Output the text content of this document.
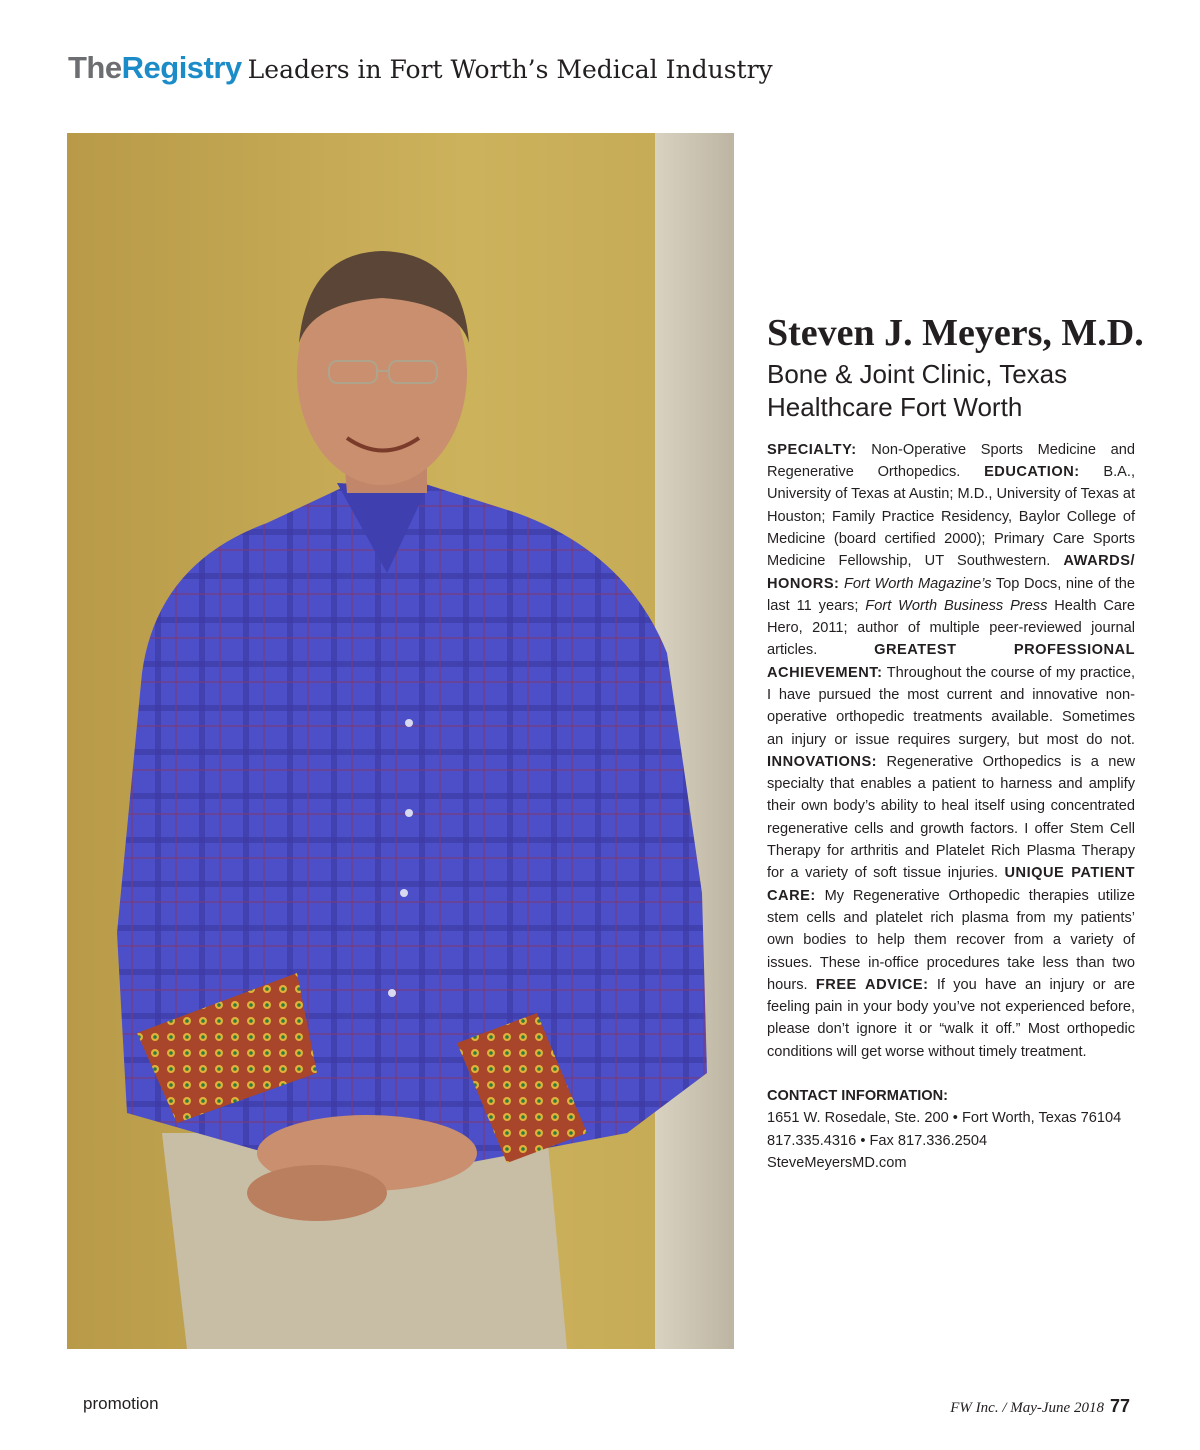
TheRegistry Leaders in Fort Worth’s Medical Industry
Steven J. Meyers, M.D.
Bone & Joint Clinic, Texas
Healthcare Fort Worth
SPECIALTY: Non-Operative Sports Medicine and Regenerative Orthopedics. EDUCATION: B.A., University of Texas at Austin; M.D., University of Texas at Houston; Family Practice Residency, Baylor College of Medicine (board certified 2000); Primary Care Sports Medicine Fellowship, UT Southwestern. AWARDS/ HONORS: Fort Worth Magazine’s Top Docs, nine of the last 11 years; Fort Worth Business Press Health Care Hero, 2011; author of multiple peer-reviewed journal articles. GREATEST PROFESSIONAL ACHIEVEMENT: Throughout the course of my practice, I have pursued the most current and innovative non-operative orthopedic treatments available. Sometimes an injury or issue requires surgery, but most do not. INNOVATIONS: Regenerative Orthopedics is a new specialty that enables a patient to harness and amplify their own body’s ability to heal itself using concentrated regenerative cells and growth factors. I offer Stem Cell Therapy for arthritis and Platelet Rich Plasma Therapy for a variety of soft tissue injuries. UNIQUE PATIENT CARE: My Regenerative Orthopedic therapies utilize stem cells and platelet rich plasma from my patients’ own bodies to help them recover from a variety of issues. These in-office procedures take less than two hours. FREE ADVICE: If you have an injury or are feeling pain in your body you’ve not experienced before, please don’t ignore it or “walk it off.” Most orthopedic conditions will get worse without timely treatment.
CONTACT INFORMATION:
1651 W. Rosedale, Ste. 200 • Fort Worth, Texas 76104
817.335.4316 • Fax 817.336.2504
SteveMeyersMD.com
promotion	FW Inc. / May-June 2018 77
